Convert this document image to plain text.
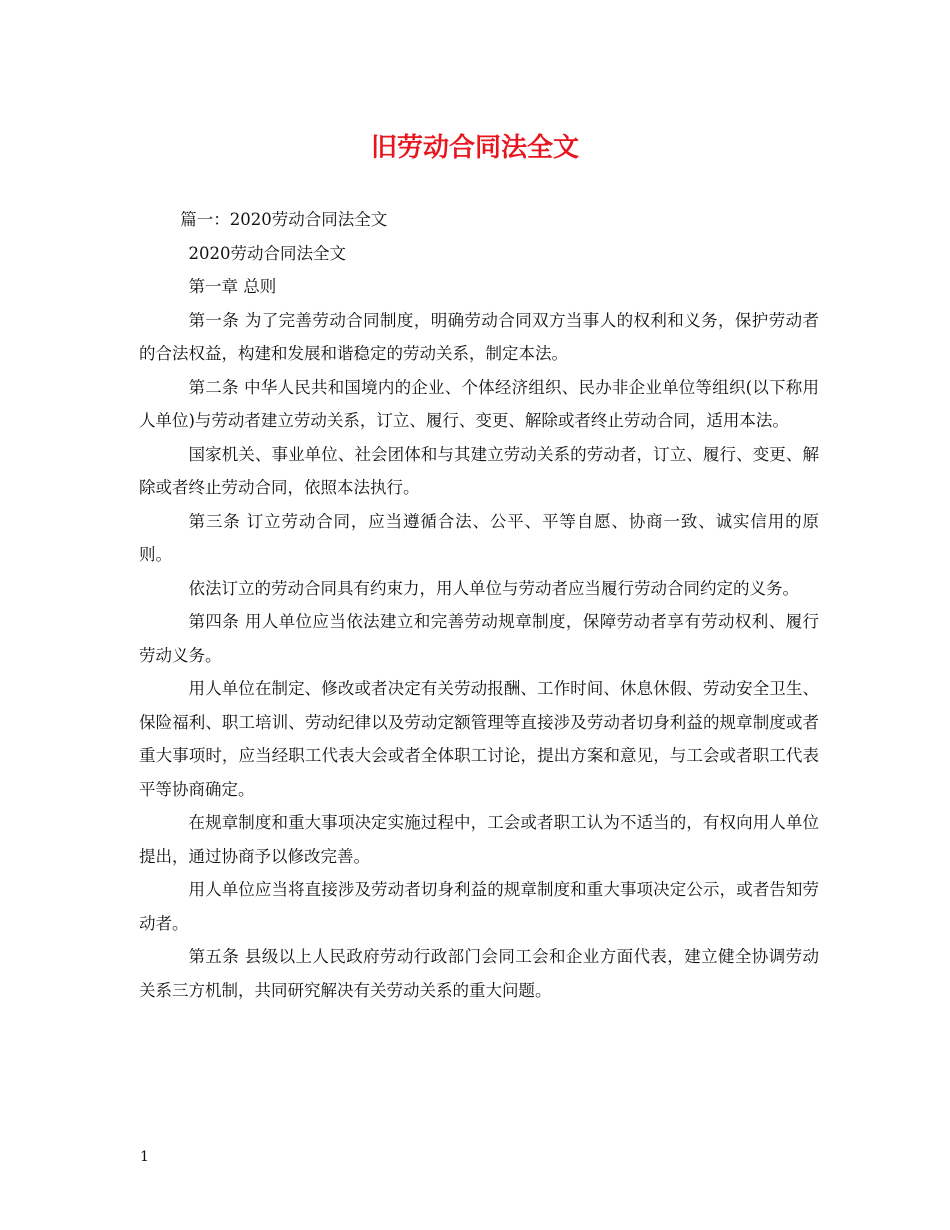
旧劳动合同法全文

篇一：2020劳动合同法全文

2020劳动合同法全文

第一章 总则

第一条 为了完善劳动合同制度，明确劳动合同双方当事人的权利和义务，保护劳动者的合法权益，构建和发展和谐稳定的劳动关系，制定本法。

第二条 中华人民共和国境内的企业、个体经济组织、民办非企业单位等组织(以下称用人单位)与劳动者建立劳动关系，订立、履行、变更、解除或者终止劳动合同，适用本法。

国家机关、事业单位、社会团体和与其建立劳动关系的劳动者，订立、履行、变更、解除或者终止劳动合同，依照本法执行。

第三条 订立劳动合同，应当遵循合法、公平、平等自愿、协商一致、诚实信用的原则。

依法订立的劳动合同具有约束力，用人单位与劳动者应当履行劳动合同约定的义务。

第四条 用人单位应当依法建立和完善劳动规章制度，保障劳动者享有劳动权利、履行劳动义务。

用人单位在制定、修改或者决定有关劳动报酬、工作时间、休息休假、劳动安全卫生、保险福利、职工培训、劳动纪律以及劳动定额管理等直接涉及劳动者切身利益的规章制度或者重大事项时，应当经职工代表大会或者全体职工讨论，提出方案和意见，与工会或者职工代表平等协商确定。

在规章制度和重大事项决定实施过程中，工会或者职工认为不适当的，有权向用人单位提出，通过协商予以修改完善。

用人单位应当将直接涉及劳动者切身利益的规章制度和重大事项决定公示，或者告知劳动者。

第五条 县级以上人民政府劳动行政部门会同工会和企业方面代表，建立健全协调劳动关系三方机制，共同研究解决有关劳动关系的重大问题。

1
